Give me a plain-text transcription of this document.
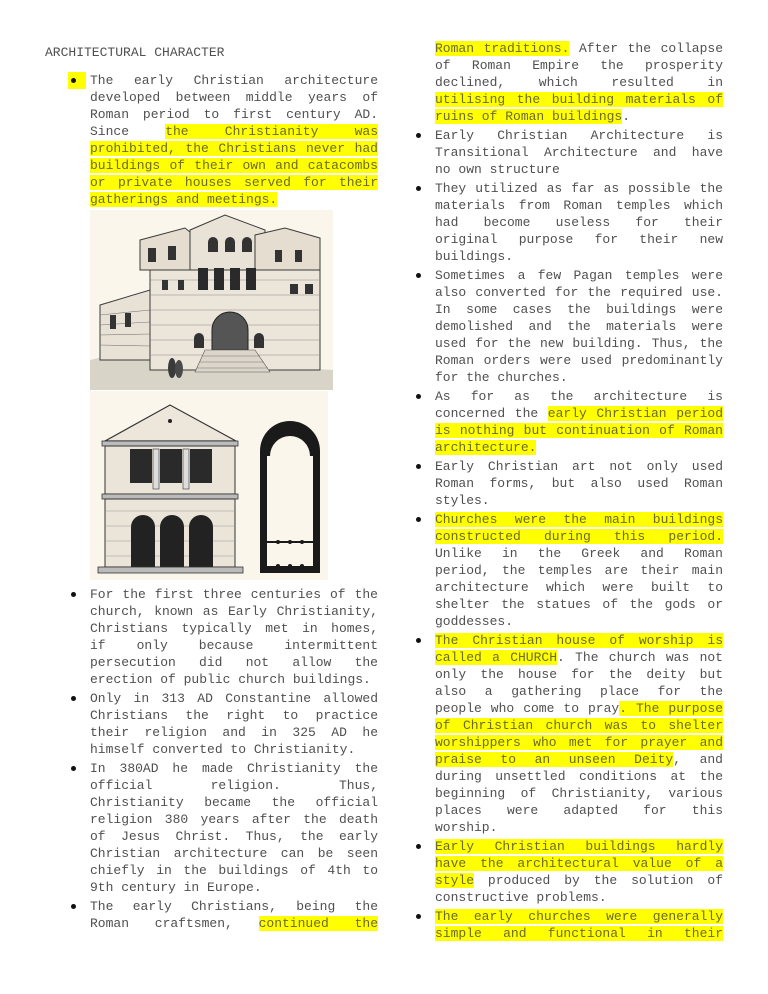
ARCHITECTURAL CHARACTER
The early Christian architecture developed between middle years of Roman period to first century AD. Since the Christianity was prohibited, the Christians never had buildings of their own and catacombs or private houses served for their gatherings and meetings.
For the first three centuries of the church, known as Early Christianity, Christians typically met in homes, if only because intermittent persecution did not allow the erection of public church buildings.
Only in 313 AD Constantine allowed Christians the right to practice their religion and in 325 AD he himself converted to Christianity.
In 380AD he made Christianity the official religion. Thus, Christianity became the official religion 380 years after the death of Jesus Christ. Thus, the early Christian architecture can be seen chiefly in the buildings of 4th to 9th century in Europe.
The early Christians, being the Roman craftsmen, continued the
Roman traditions. After the collapse of Roman Empire the prosperity declined, which resulted in utilising the building materials of ruins of Roman buildings.
Early Christian Architecture is Transitional Architecture and have no own structure
They utilized as far as possible the materials from Roman temples which had become useless for their original purpose for their new buildings.
Sometimes a few Pagan temples were also converted for the required use. In some cases the buildings were demolished and the materials were used for the new building. Thus, the Roman orders were used predominantly for the churches.
As for as the architecture is concerned the early Christian period is nothing but continuation of Roman architecture.
Early Christian art not only used Roman forms, but also used Roman styles.
Churches were the main buildings constructed during this period. Unlike in the Greek and Roman period, the temples are their main architecture which were built to shelter the statues of the gods or goddesses.
The Christian house of worship is called a CHURCH. The church was not only the house for the deity but also a gathering place for the people who come to pray. The purpose of Christian church was to shelter worshippers who met for prayer and praise to an unseen Deity, and during unsettled conditions at the beginning of Christianity, various places were adapted for this worship.
Early Christian buildings hardly have the architectural value of a style produced by the solution of constructive problems.
The early churches were generally simple and functional in their
